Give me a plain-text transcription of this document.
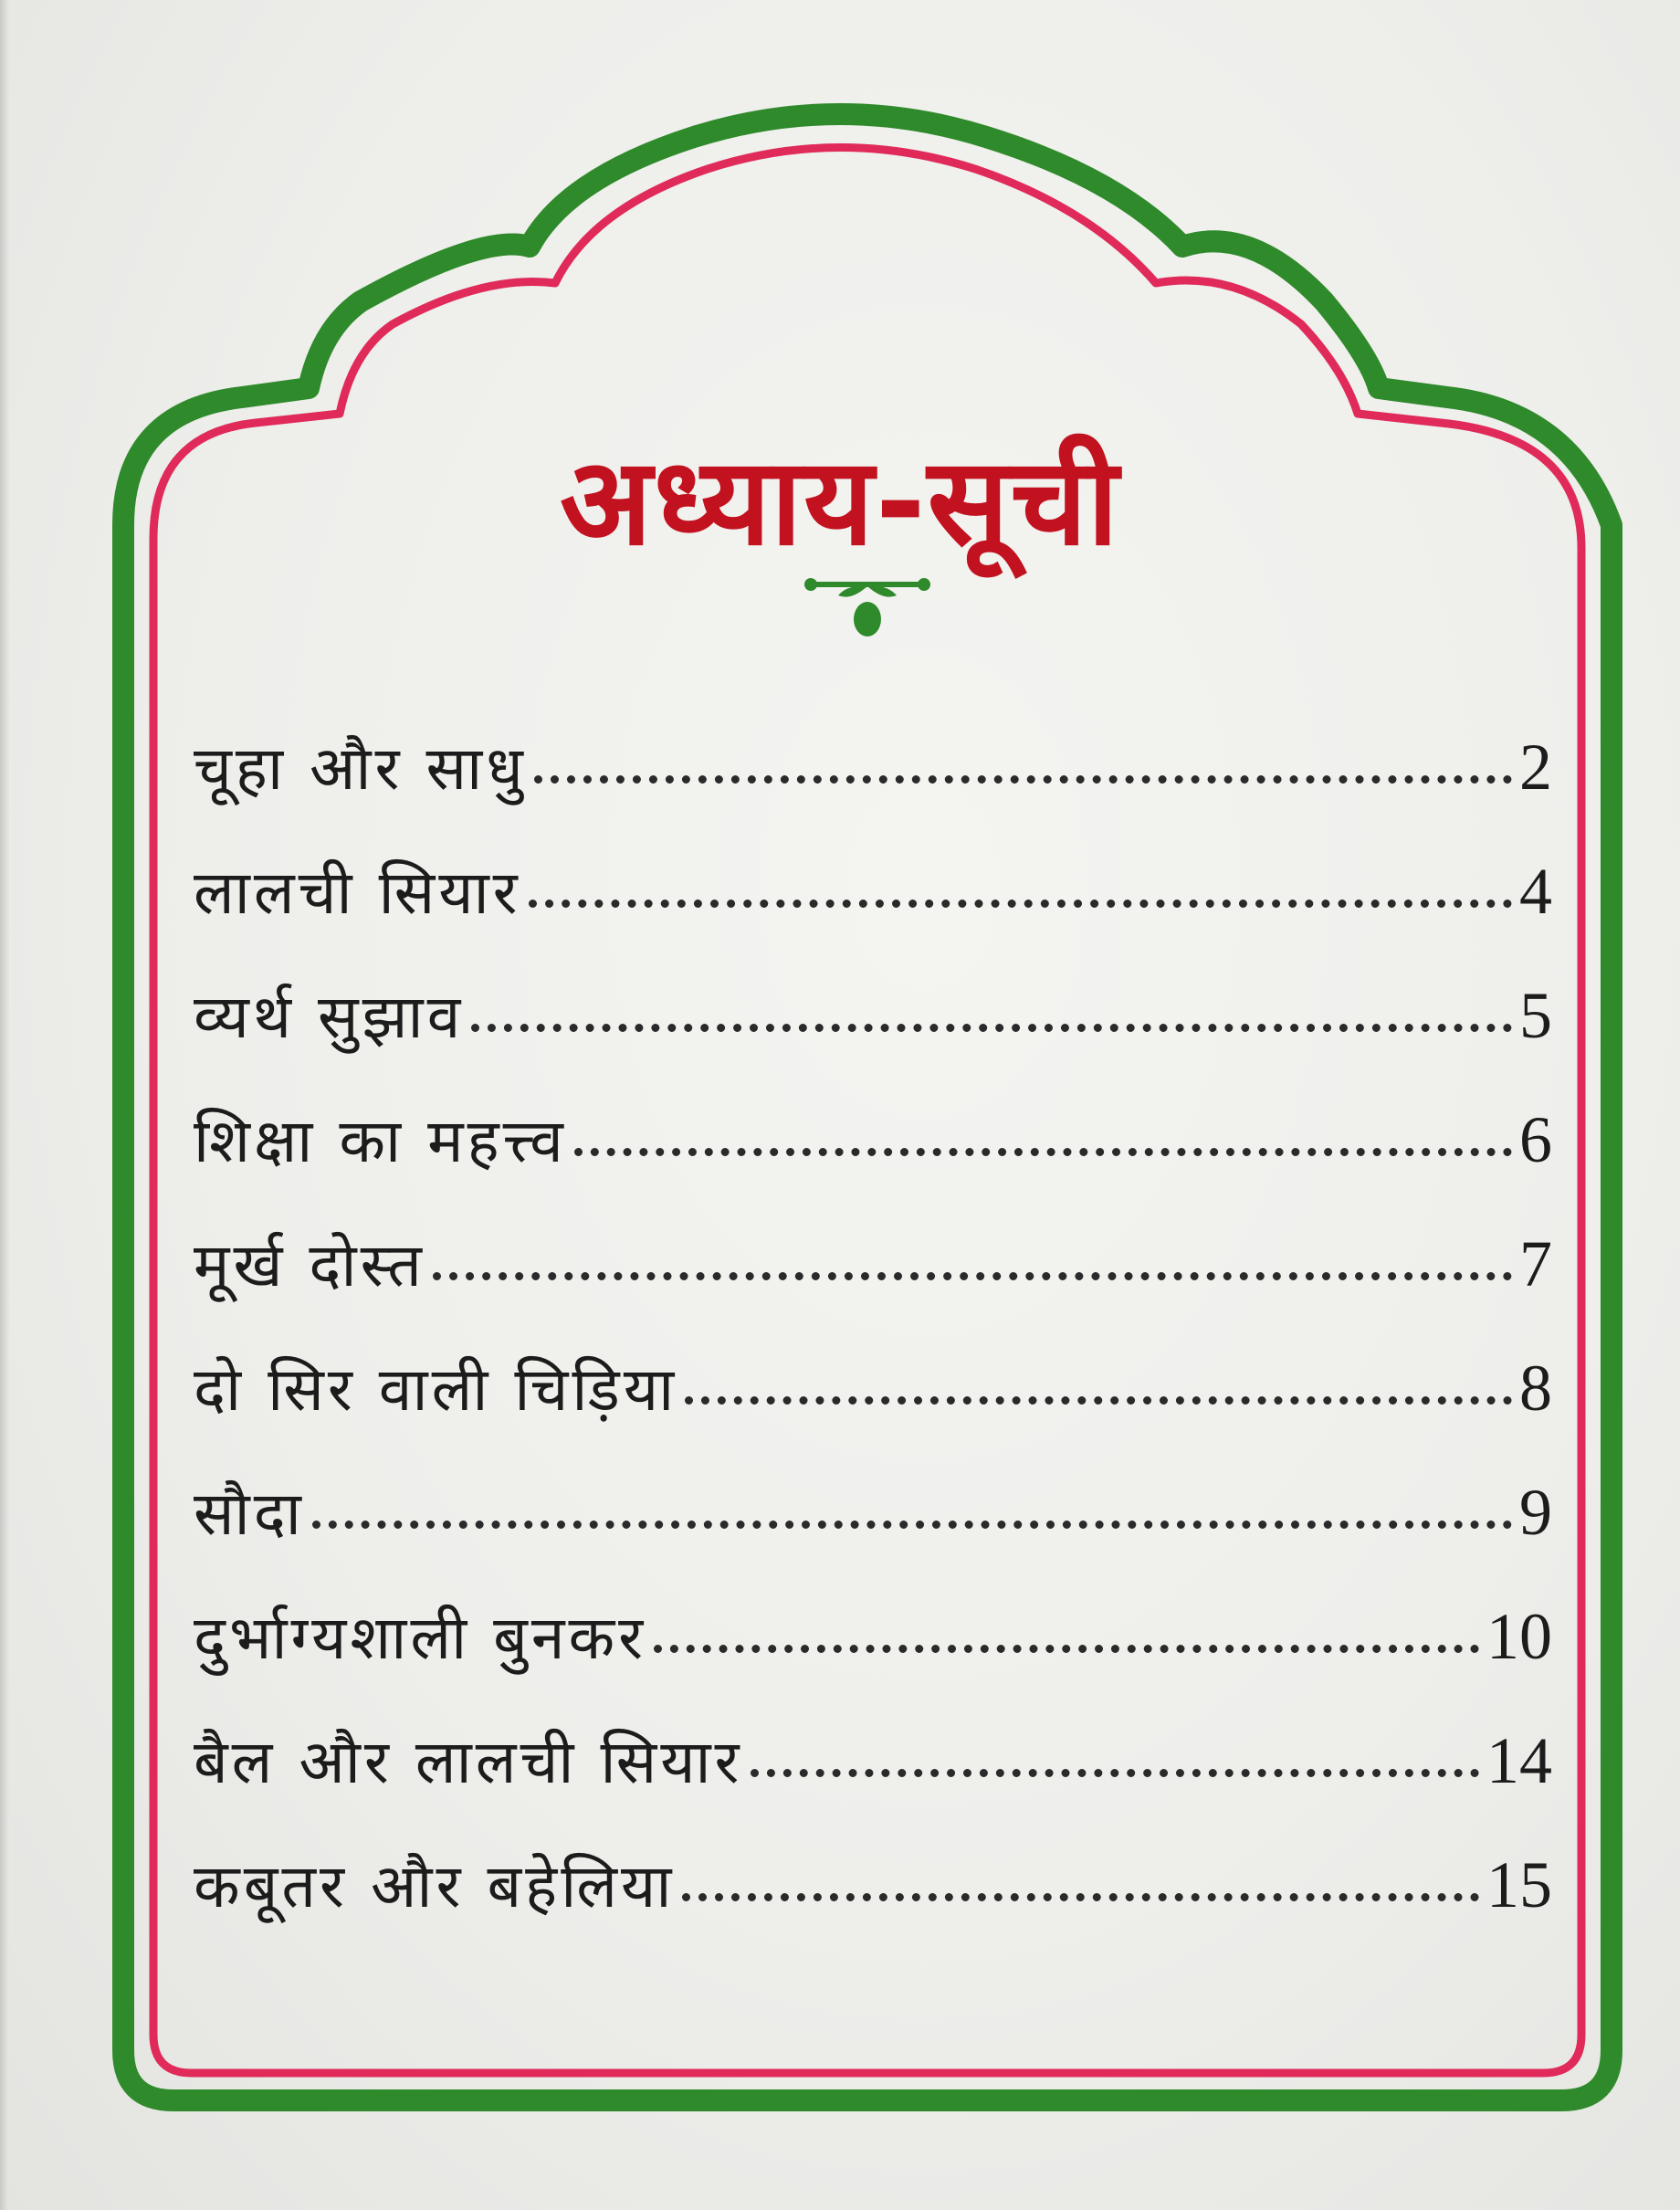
अध्याय-सूची
चूहा और साधु	2
लालची सियार	4
व्यर्थ सुझाव	5
शिक्षा का महत्त्व	6
मूर्ख दोस्त	7
दो सिर वाली चिड़िया	8
सौदा	9
दुर्भाग्यशाली बुनकर	10
बैल और लालची सियार	14
कबूतर और बहेलिया	15
